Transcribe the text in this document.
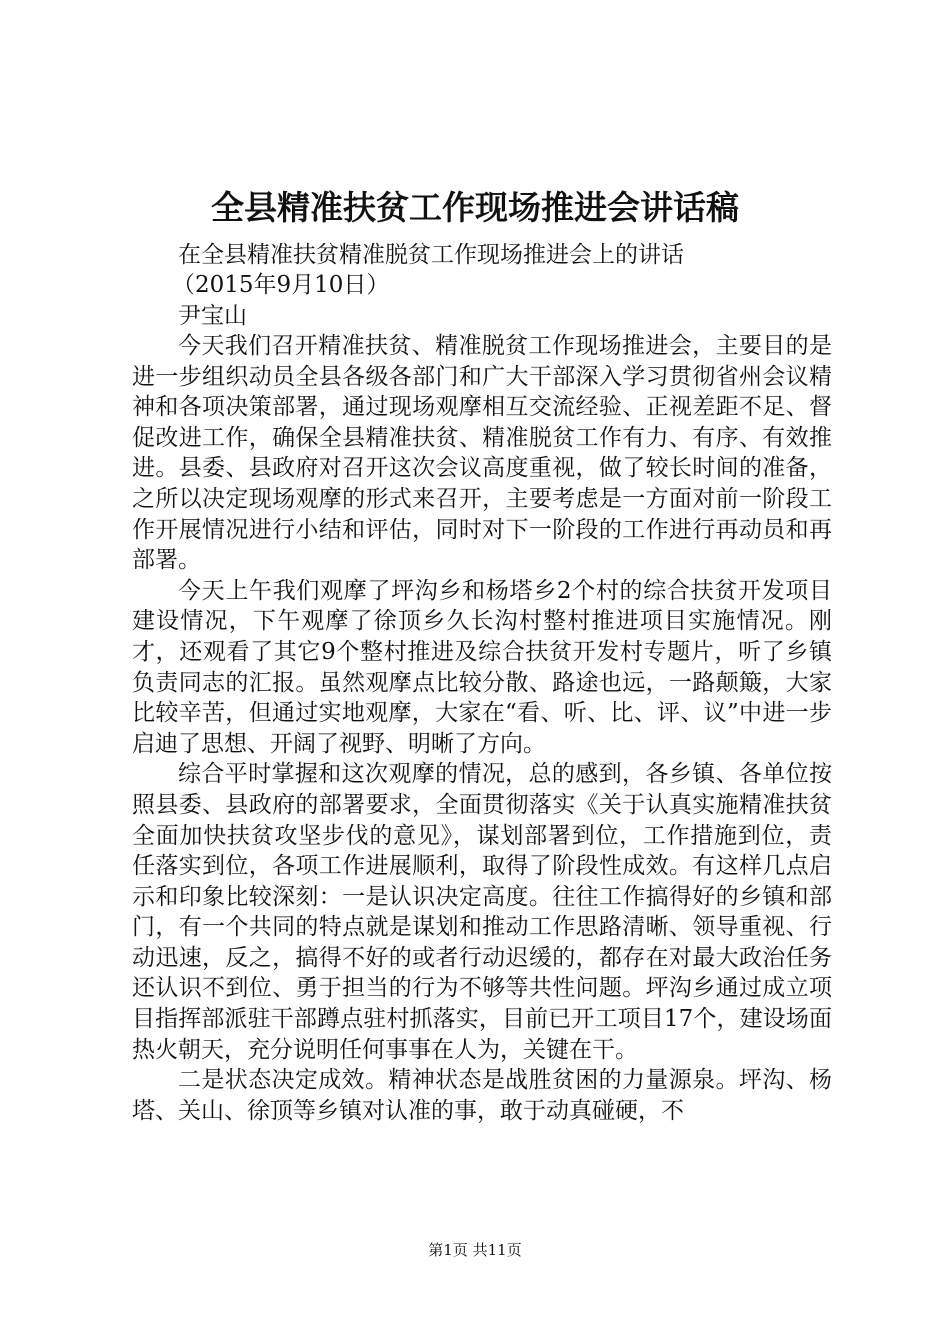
全县精准扶贫工作现场推进会讲话稿
在全县精准扶贫精准脱贫工作现场推进会上的讲话
（2015年9月10日）
尹宝山

今天我们召开精准扶贫、精准脱贫工作现场推进会，主要目的是进一步组织动员全县各级各部门和广大干部深入学习贯彻省州会议精神和各项决策部署，通过现场观摩相互交流经验、正视差距不足、督促改进工作，确保全县精准扶贫、精准脱贫工作有力、有序、有效推进。县委、县政府对召开这次会议高度重视，做了较长时间的准备，之所以决定现场观摩的形式来召开，主要考虑是一方面对前一阶段工作开展情况进行小结和评估，同时对下一阶段的工作进行再动员和再部署。

今天上午我们观摩了坪沟乡和杨塔乡2个村的综合扶贫开发项目建设情况，下午观摩了徐顶乡久长沟村整村推进项目实施情况。刚才，还观看了其它9个整村推进及综合扶贫开发村专题片，听了乡镇负责同志的汇报。虽然观摩点比较分散、路途也远，一路颠簸，大家比较辛苦，但通过实地观摩，大家在“看、听、比、评、议”中进一步启迪了思想、开阔了视野、明晰了方向。

综合平时掌握和这次观摩的情况，总的感到，各乡镇、各单位按照县委、县政府的部署要求，全面贯彻落实《关于认真实施精准扶贫全面加快扶贫攻坚步伐的意见》，谋划部署到位，工作措施到位，责任落实到位，各项工作进展顺利，取得了阶段性成效。有这样几点启示和印象比较深刻：一是认识决定高度。往往工作搞得好的乡镇和部门，有一个共同的特点就是谋划和推动工作思路清晰、领导重视、行动迅速，反之，搞得不好的或者行动迟缓的，都存在对最大政治任务还认识不到位、勇于担当的行为不够等共性问题。坪沟乡通过成立项目指挥部派驻干部蹲点驻村抓落实，目前已开工项目17个，建设场面热火朝天，充分说明任何事事在人为，关键在干。

二是状态决定成效。精神状态是战胜贫困的力量源泉。坪沟、杨塔、关山、徐顶等乡镇对认准的事，敢于动真碰硬，不

第1页 共11页
